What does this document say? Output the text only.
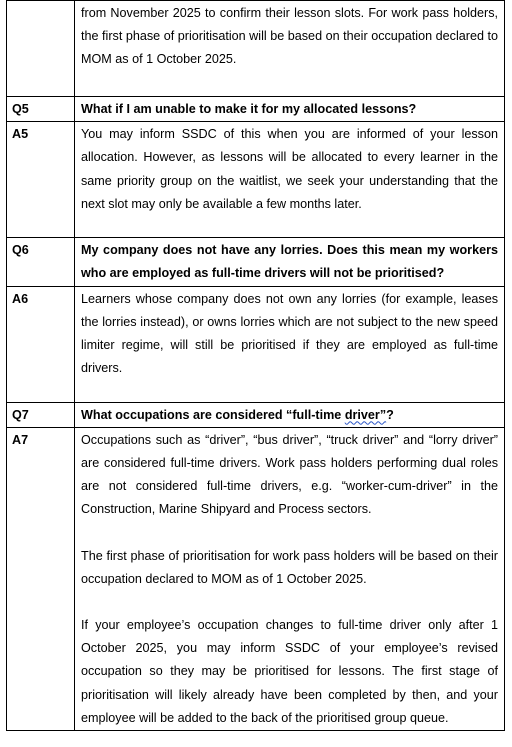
	from November 2025 to confirm their lesson slots. For work pass holders, the first phase of prioritisation will be based on their occupation declared to MOM as of 1 October 2025.

Q5	What if I am unable to make it for my allocated lessons?

A5	You may inform SSDC of this when you are informed of your lesson allocation. However, as lessons will be allocated to every learner in the same priority group on the waitlist, we seek your understanding that the next slot may only be available a few months later.

Q6	My company does not have any lorries. Does this mean my workers who are employed as full-time drivers will not be prioritised?

A6	Learners whose company does not own any lorries (for example, leases the lorries instead), or owns lorries which are not subject to the new speed limiter regime, will still be prioritised if they are employed as full-time drivers.

Q7	What occupations are considered “full-time driver”?

A7	Occupations such as “driver”, “bus driver”, “truck driver” and “lorry driver” are considered full-time drivers. Work pass holders performing dual roles are not considered full-time drivers, e.g. “worker-cum-driver” in the Construction, Marine Shipyard and Process sectors.

The first phase of prioritisation for work pass holders will be based on their occupation declared to MOM as of 1 October 2025.

If your employee’s occupation changes to full-time driver only after 1 October 2025, you may inform SSDC of your employee’s revised occupation so they may be prioritised for lessons. The first stage of prioritisation will likely already have been completed by then, and your employee will be added to the back of the prioritised group queue.
